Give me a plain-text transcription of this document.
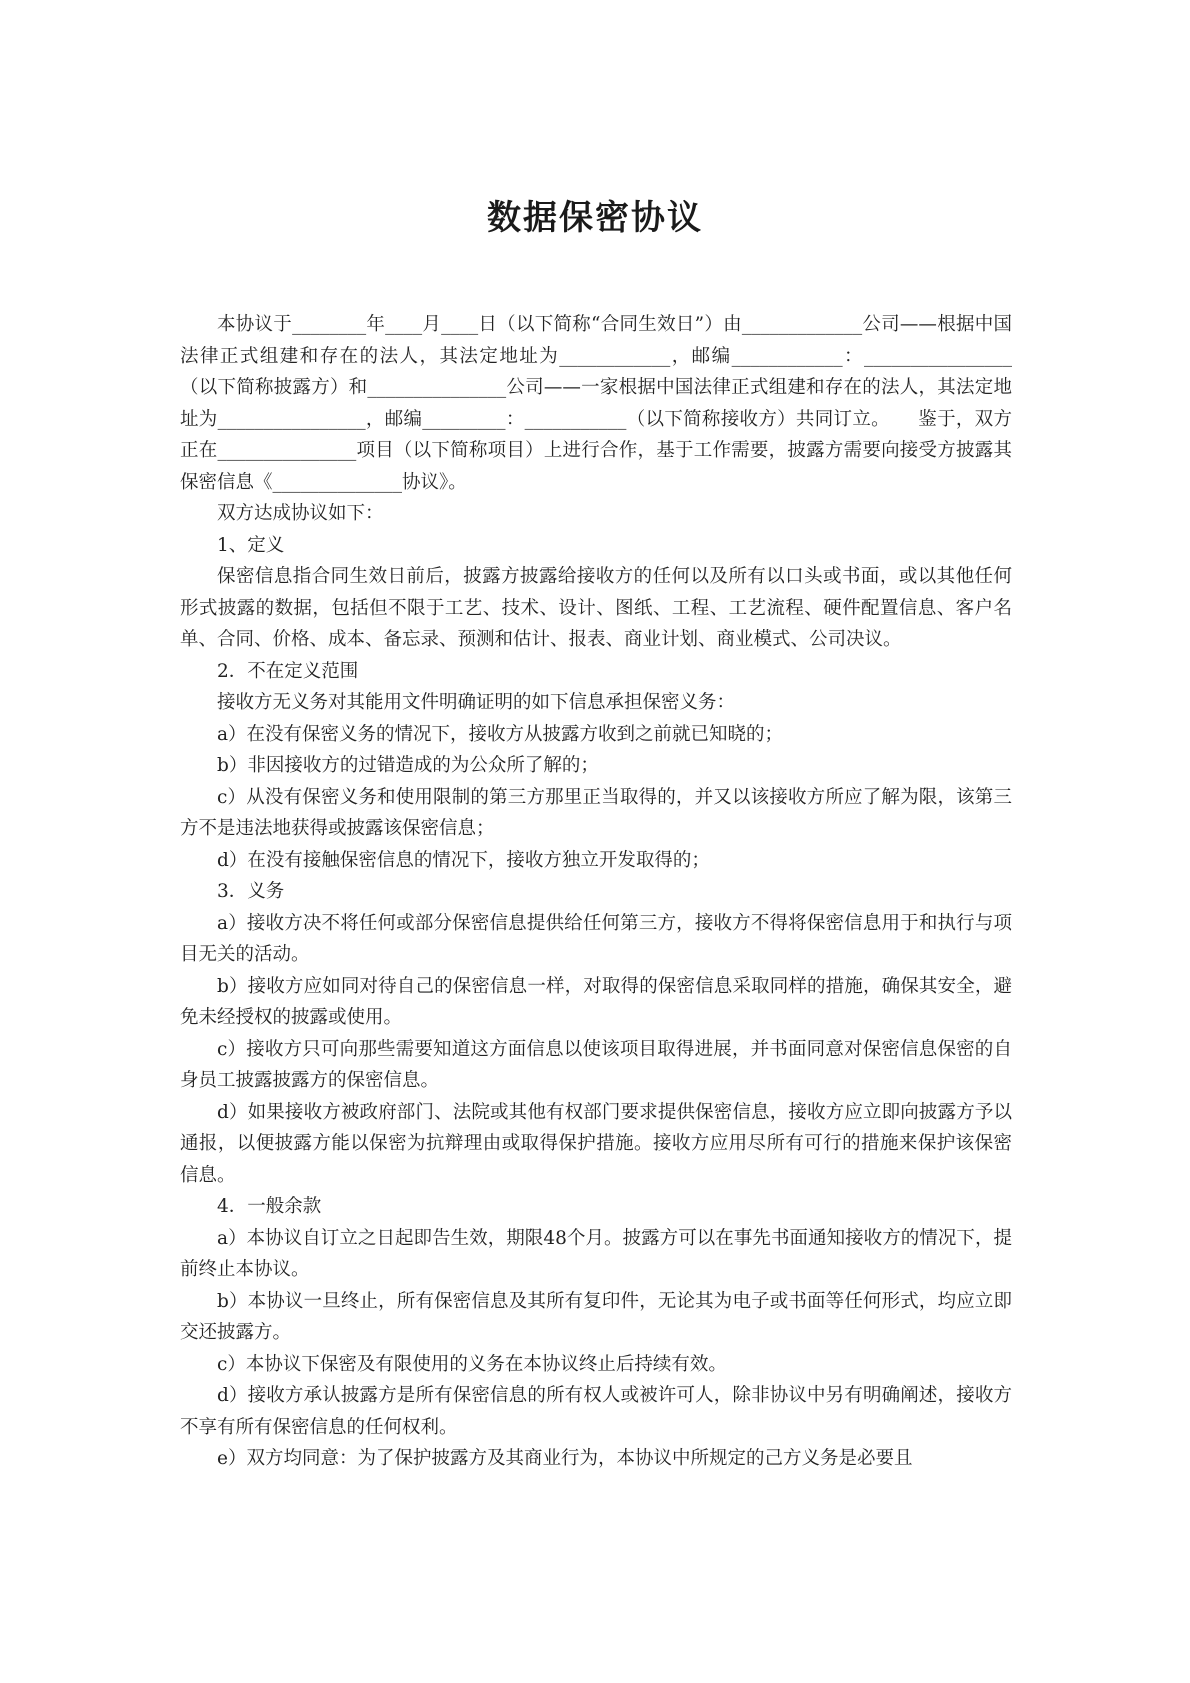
数据保密协议

本协议于________年____月____日（以下简称“合同生效日”）由_____________公司——根据中国法律正式组建和存在的法人，其法定地址为____________，邮编____________：________________（以下简称披露方）和_______________公司——一家根据中国法律正式组建和存在的法人，其法定地址为________________，邮编_________：___________（以下简称接收方）共同订立。　　鉴于，双方正在_______________项目（以下简称项目）上进行合作，基于工作需要，披露方需要向接受方披露其保密信息《______________协议》。

双方达成协议如下：

1、定义

保密信息指合同生效日前后，披露方披露给接收方的任何以及所有以口头或书面，或以其他任何形式披露的数据，包括但不限于工艺、技术、设计、图纸、工程、工艺流程、硬件配置信息、客户名单、合同、价格、成本、备忘录、预测和估计、报表、商业计划、商业模式、公司决议。

2．不在定义范围

接收方无义务对其能用文件明确证明的如下信息承担保密义务：

a）在没有保密义务的情况下，接收方从披露方收到之前就已知晓的；

b）非因接收方的过错造成的为公众所了解的；

c）从没有保密义务和使用限制的第三方那里正当取得的，并又以该接收方所应了解为限，该第三方不是违法地获得或披露该保密信息；

d）在没有接触保密信息的情况下，接收方独立开发取得的；

3．义务

a）接收方决不将任何或部分保密信息提供给任何第三方，接收方不得将保密信息用于和执行与项目无关的活动。

b）接收方应如同对待自己的保密信息一样，对取得的保密信息采取同样的措施，确保其安全，避免未经授权的披露或使用。

c）接收方只可向那些需要知道这方面信息以使该项目取得进展，并书面同意对保密信息保密的自身员工披露披露方的保密信息。

d）如果接收方被政府部门、法院或其他有权部门要求提供保密信息，接收方应立即向披露方予以通报，以便披露方能以保密为抗辩理由或取得保护措施。接收方应用尽所有可行的措施来保护该保密信息。

4．一般余款

a）本协议自订立之日起即告生效，期限48个月。披露方可以在事先书面通知接收方的情况下，提前终止本协议。

b）本协议一旦终止，所有保密信息及其所有复印件，无论其为电子或书面等任何形式，均应立即交还披露方。

c）本协议下保密及有限使用的义务在本协议终止后持续有效。

d）接收方承认披露方是所有保密信息的所有权人或被许可人，除非协议中另有明确阐述，接收方不享有所有保密信息的任何权利。

e）双方均同意：为了保护披露方及其商业行为，本协议中所规定的己方义务是必要且
